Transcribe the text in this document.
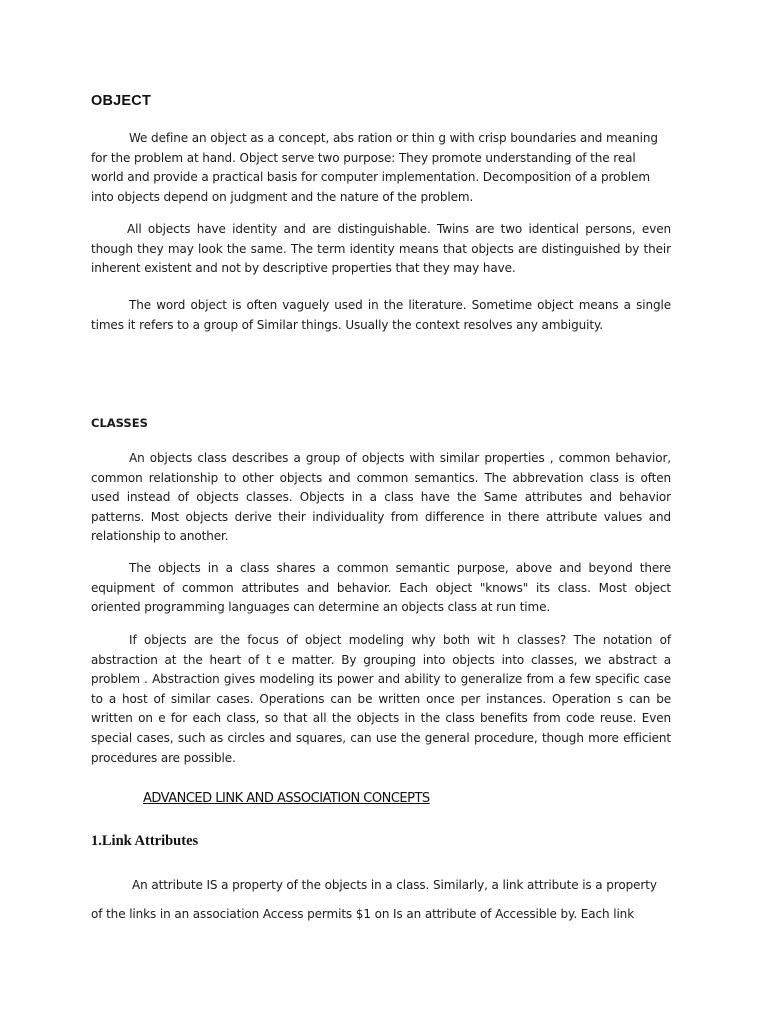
OBJECT

We define an object as a concept, abs ration or thin g with crisp boundaries and meaning for the problem at hand. Object serve two purpose: They promote understanding of the real world and provide a practical basis for computer implementation. Decomposition of a problem into objects depend on judgment and the nature of the problem.

All objects have identity and are distinguishable. Twins are two identical persons, even though they may look the same. The term identity means that objects are distinguished by their inherent existent and not by descriptive properties that they may have.

The word object is often vaguely used in the literature. Sometime object means a single times it refers to a group of Similar things. Usually the context resolves any ambiguity.

CLASSES

An objects class describes a group of objects with similar properties , common behavior, common relationship to other objects and common semantics. The abbrevation class is often used instead of objects classes. Objects in a class have the Same attributes and behavior patterns. Most objects derive their individuality from difference in there attribute values and relationship to another.

The objects in a class shares a common semantic purpose, above and beyond there equipment of common attributes and behavior. Each object "knows" its class. Most object oriented programming languages can determine an objects class at run time.

If objects are the focus of object modeling why both wit h classes? The notation of abstraction at the heart of t e matter. By grouping into objects into classes, we abstract a problem . Abstraction gives modeling its power and ability to generalize from a few specific case to a host of similar cases. Operations can be written once per instances. Operation s can be written on e for each class, so that all the objects in the class benefits from code reuse. Even special cases, such as circles and squares, can use the general procedure, though more efficient procedures are possible.

ADVANCED LINK AND ASSOCIATION CONCEPTS
1.Link Attributes

An attribute IS a property of the objects in a class. Similarly, a link attribute is a property of the links in an association Access permits $1 on Is an attribute of Accessible by. Each link
